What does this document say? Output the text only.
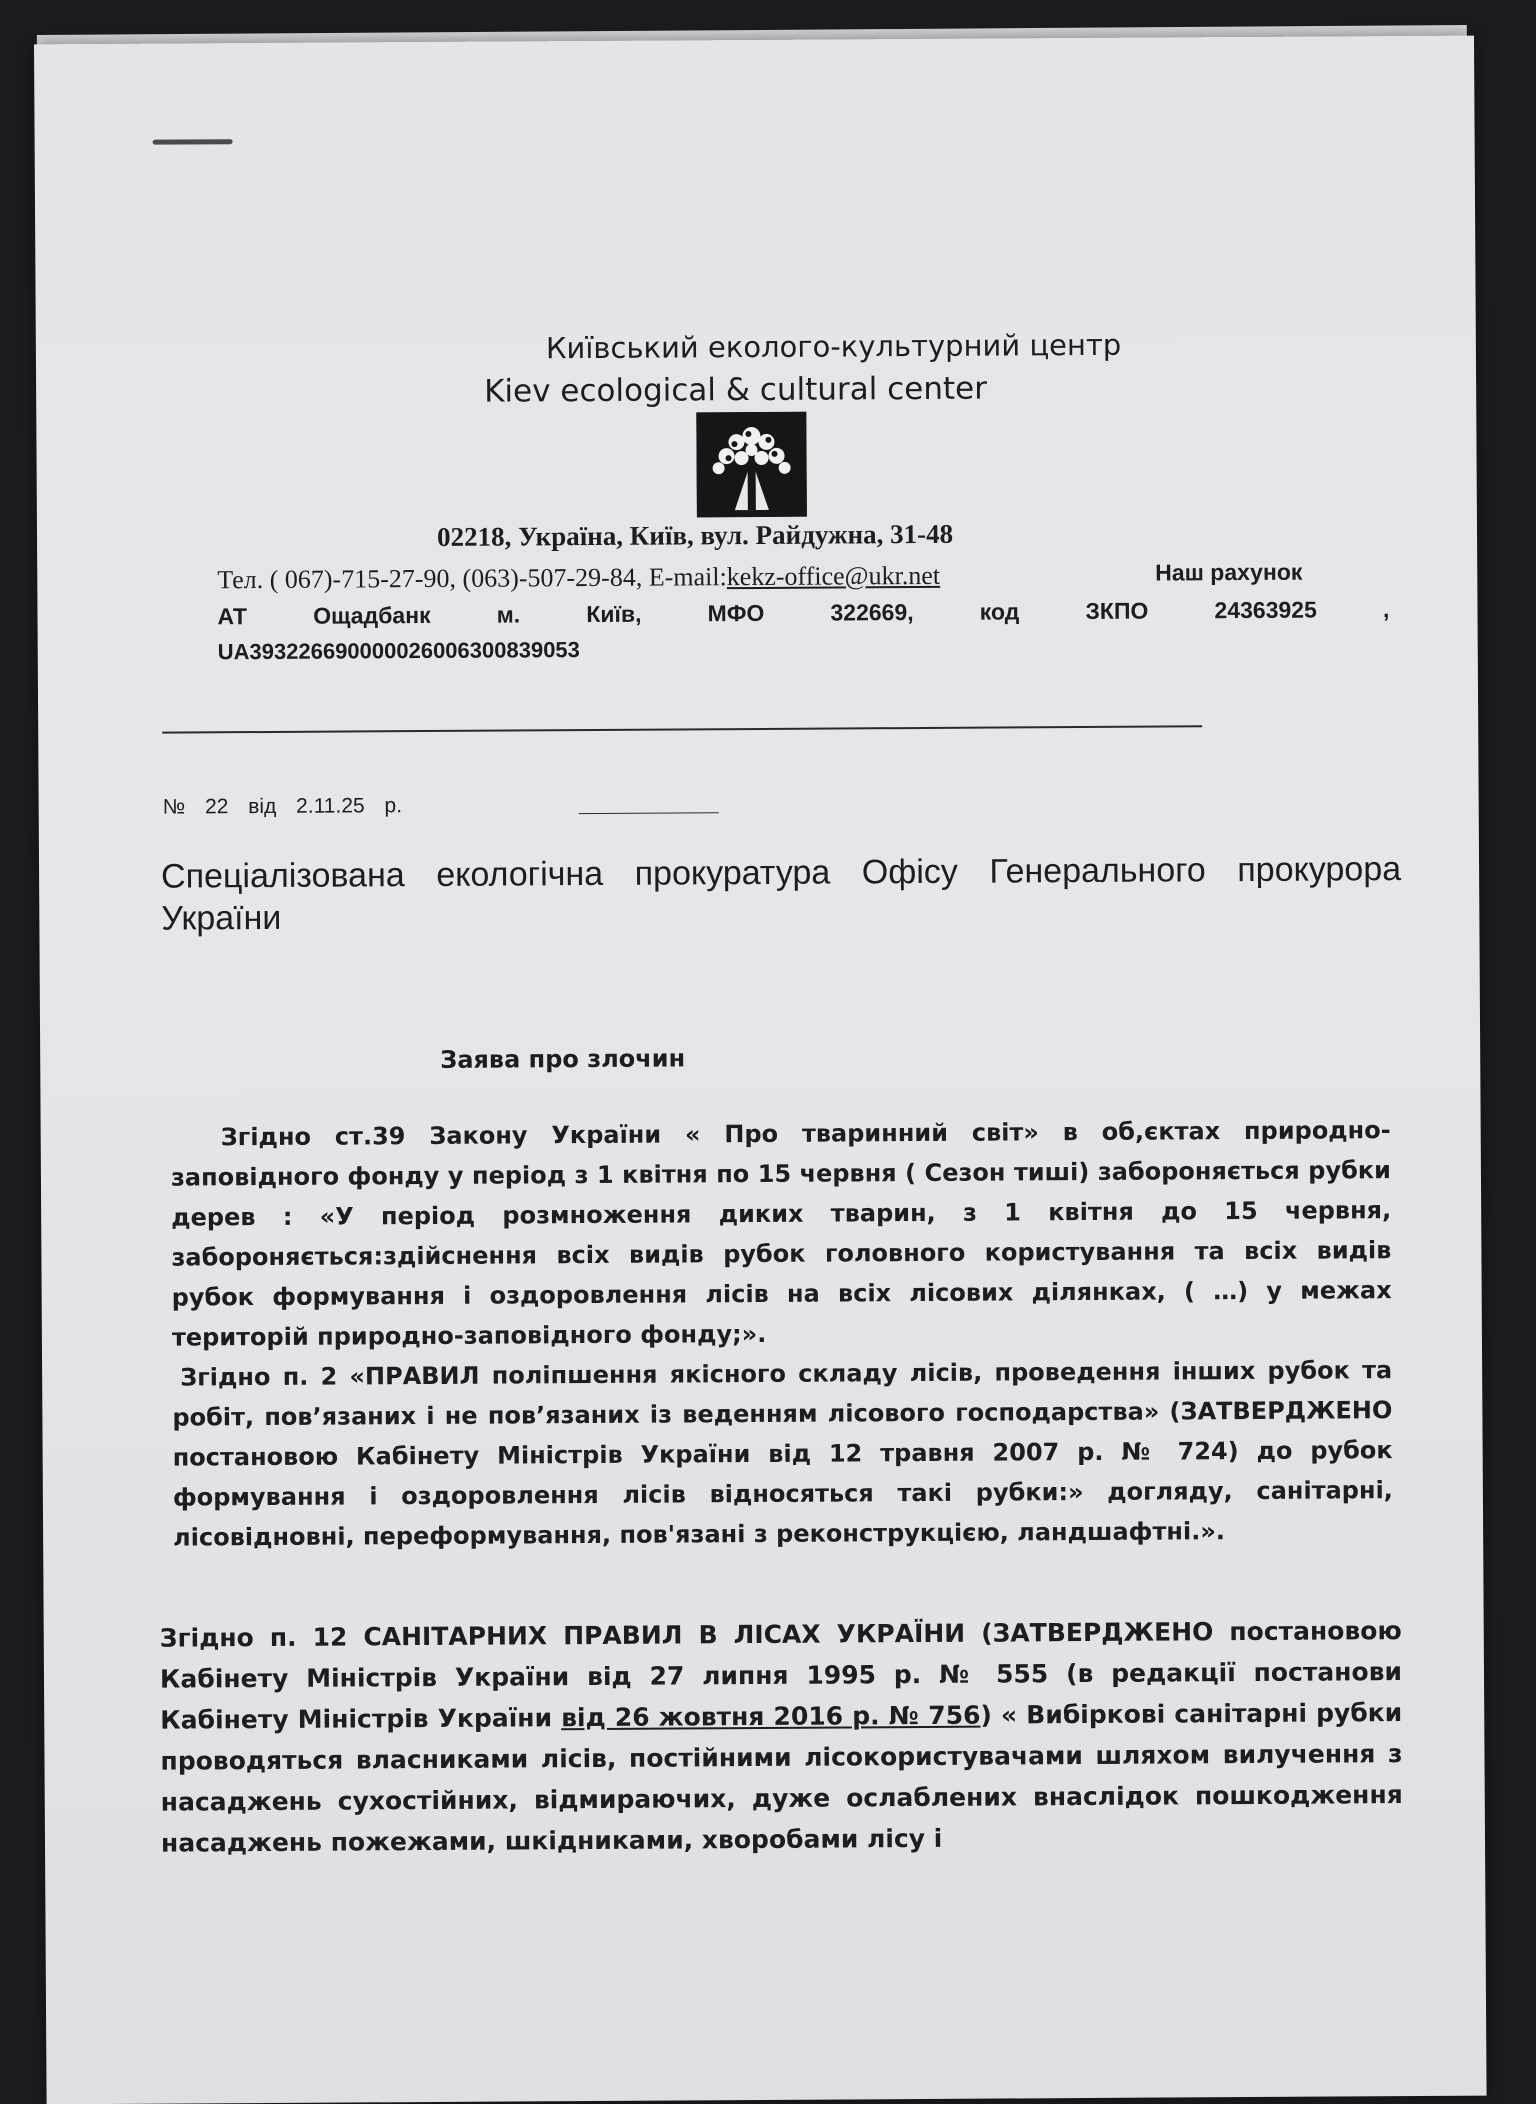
Київський еколого-культурний центр
Kiev ecological & cultural center
02218, Україна, Київ, вул. Райдужна, 31-48
Тел. ( 067)-715-27-90, (063)-507-29-84, E-mail:kekz-office@ukr.net	Наш рахунок
АТ	Ощадбанк	м.	Київ,	МФО	322669,	код	ЗКПО	24363925	,
UA393226690000026006300839053
№ 22 від 2.11.25 р.
Спеціалізована екологічна прокуратура Офісу Генерального прокурора України
Заява про злочин
Згідно ст.39 Закону України « Про тваринний світ» в об,єктах природно-заповідного фонду у період з 1 квітня по 15 червня ( Сезон тиші) забороняється рубки дерев : «У період розмноження диких тварин, з 1 квітня до 15 червня, забороняється:здійснення всіх видів рубок головного користування та всіх видів рубок формування і оздоровлення лісів на всіх лісових ділянках, ( …) у межах територій природно-заповідного фонду;».
Згідно п. 2 «ПРАВИЛ поліпшення якісного складу лісів, проведення інших рубок та робіт, пов’язаних і не пов’язаних із веденням лісового господарства» (ЗАТВЕРДЖЕНО постановою Кабінету Міністрів України від 12 травня 2007 р. № 724) до рубок формування і оздоровлення лісів відносяться такі рубки:» догляду, санітарні, лісовідновні, переформування, пов'язані з реконструкцією, ландшафтні.».
Згідно п. 12 САНІТАРНИХ ПРАВИЛ В ЛІСАХ УКРАЇНИ (ЗАТВЕРДЖЕНО постановою Кабінету Міністрів України від 27 липня 1995 р. № 555 (в редакції постанови Кабінету Міністрів України від 26 жовтня 2016 р. № 756) « Вибіркові санітарні рубки проводяться власниками лісів, постійними лісокористувачами шляхом вилучення з насаджень сухостійних, відмираючих, дуже ослаблених внаслідок пошкодження насаджень пожежами, шкідниками, хворобами лісу і
